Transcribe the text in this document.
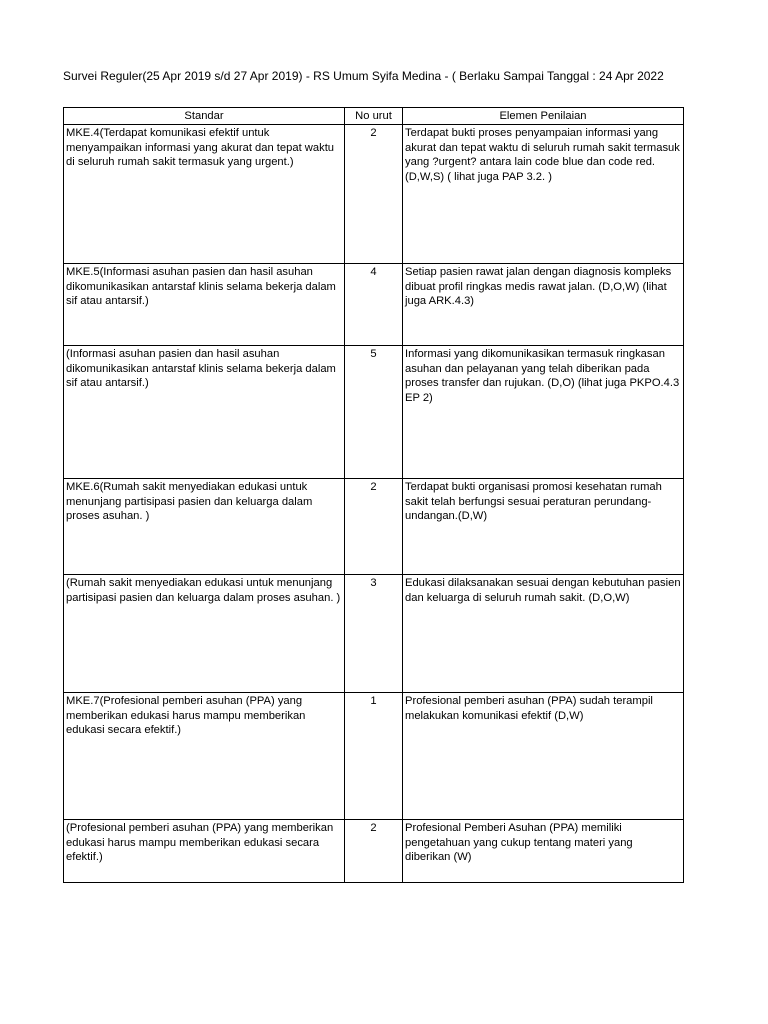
Survei Reguler(25 Apr 2019 s/d 27 Apr 2019) - RS Umum Syifa Medina - ( Berlaku Sampai Tanggal : 24 Apr 2022
Standar	No urut	Elemen Penilaian
MKE.4(Terdapat komunikasi efektif untuk menyampaikan informasi yang akurat dan tepat waktu di seluruh rumah sakit termasuk yang urgent.)	2	Terdapat bukti proses penyampaian informasi yang akurat dan tepat waktu di seluruh rumah sakit termasuk yang ?urgent? antara lain code blue dan code red. (D,W,S) ( lihat juga PAP 3.2. )
MKE.5(Informasi asuhan pasien dan hasil asuhan dikomunikasikan antarstaf klinis selama bekerja dalam sif atau antarsif.)	4	Setiap pasien rawat jalan dengan diagnosis kompleks dibuat profil ringkas medis rawat jalan. (D,O,W) (lihat juga ARK.4.3)
(Informasi asuhan pasien dan hasil asuhan dikomunikasikan antarstaf klinis selama bekerja dalam sif atau antarsif.)	5	Informasi yang dikomunikasikan termasuk ringkasan asuhan dan pelayanan yang telah diberikan pada proses transfer dan rujukan. (D,O) (lihat juga PKPO.4.3 EP 2)
MKE.6(Rumah sakit menyediakan edukasi untuk menunjang partisipasi pasien dan keluarga dalam proses asuhan. )	2	Terdapat bukti organisasi promosi kesehatan rumah sakit telah berfungsi sesuai peraturan perundang-undangan.(D,W)
(Rumah sakit menyediakan edukasi untuk menunjang partisipasi pasien dan keluarga dalam proses asuhan. )	3	Edukasi dilaksanakan sesuai dengan kebutuhan pasien dan keluarga di seluruh rumah sakit. (D,O,W)
MKE.7(Profesional pemberi asuhan (PPA) yang memberikan edukasi harus mampu memberikan edukasi secara efektif.)	1	Profesional pemberi asuhan (PPA) sudah terampil melakukan komunikasi efektif (D,W)
(Profesional pemberi asuhan (PPA) yang memberikan edukasi harus mampu memberikan edukasi secara efektif.)	2	Profesional Pemberi Asuhan (PPA) memiliki pengetahuan yang cukup tentang materi yang diberikan (W)
